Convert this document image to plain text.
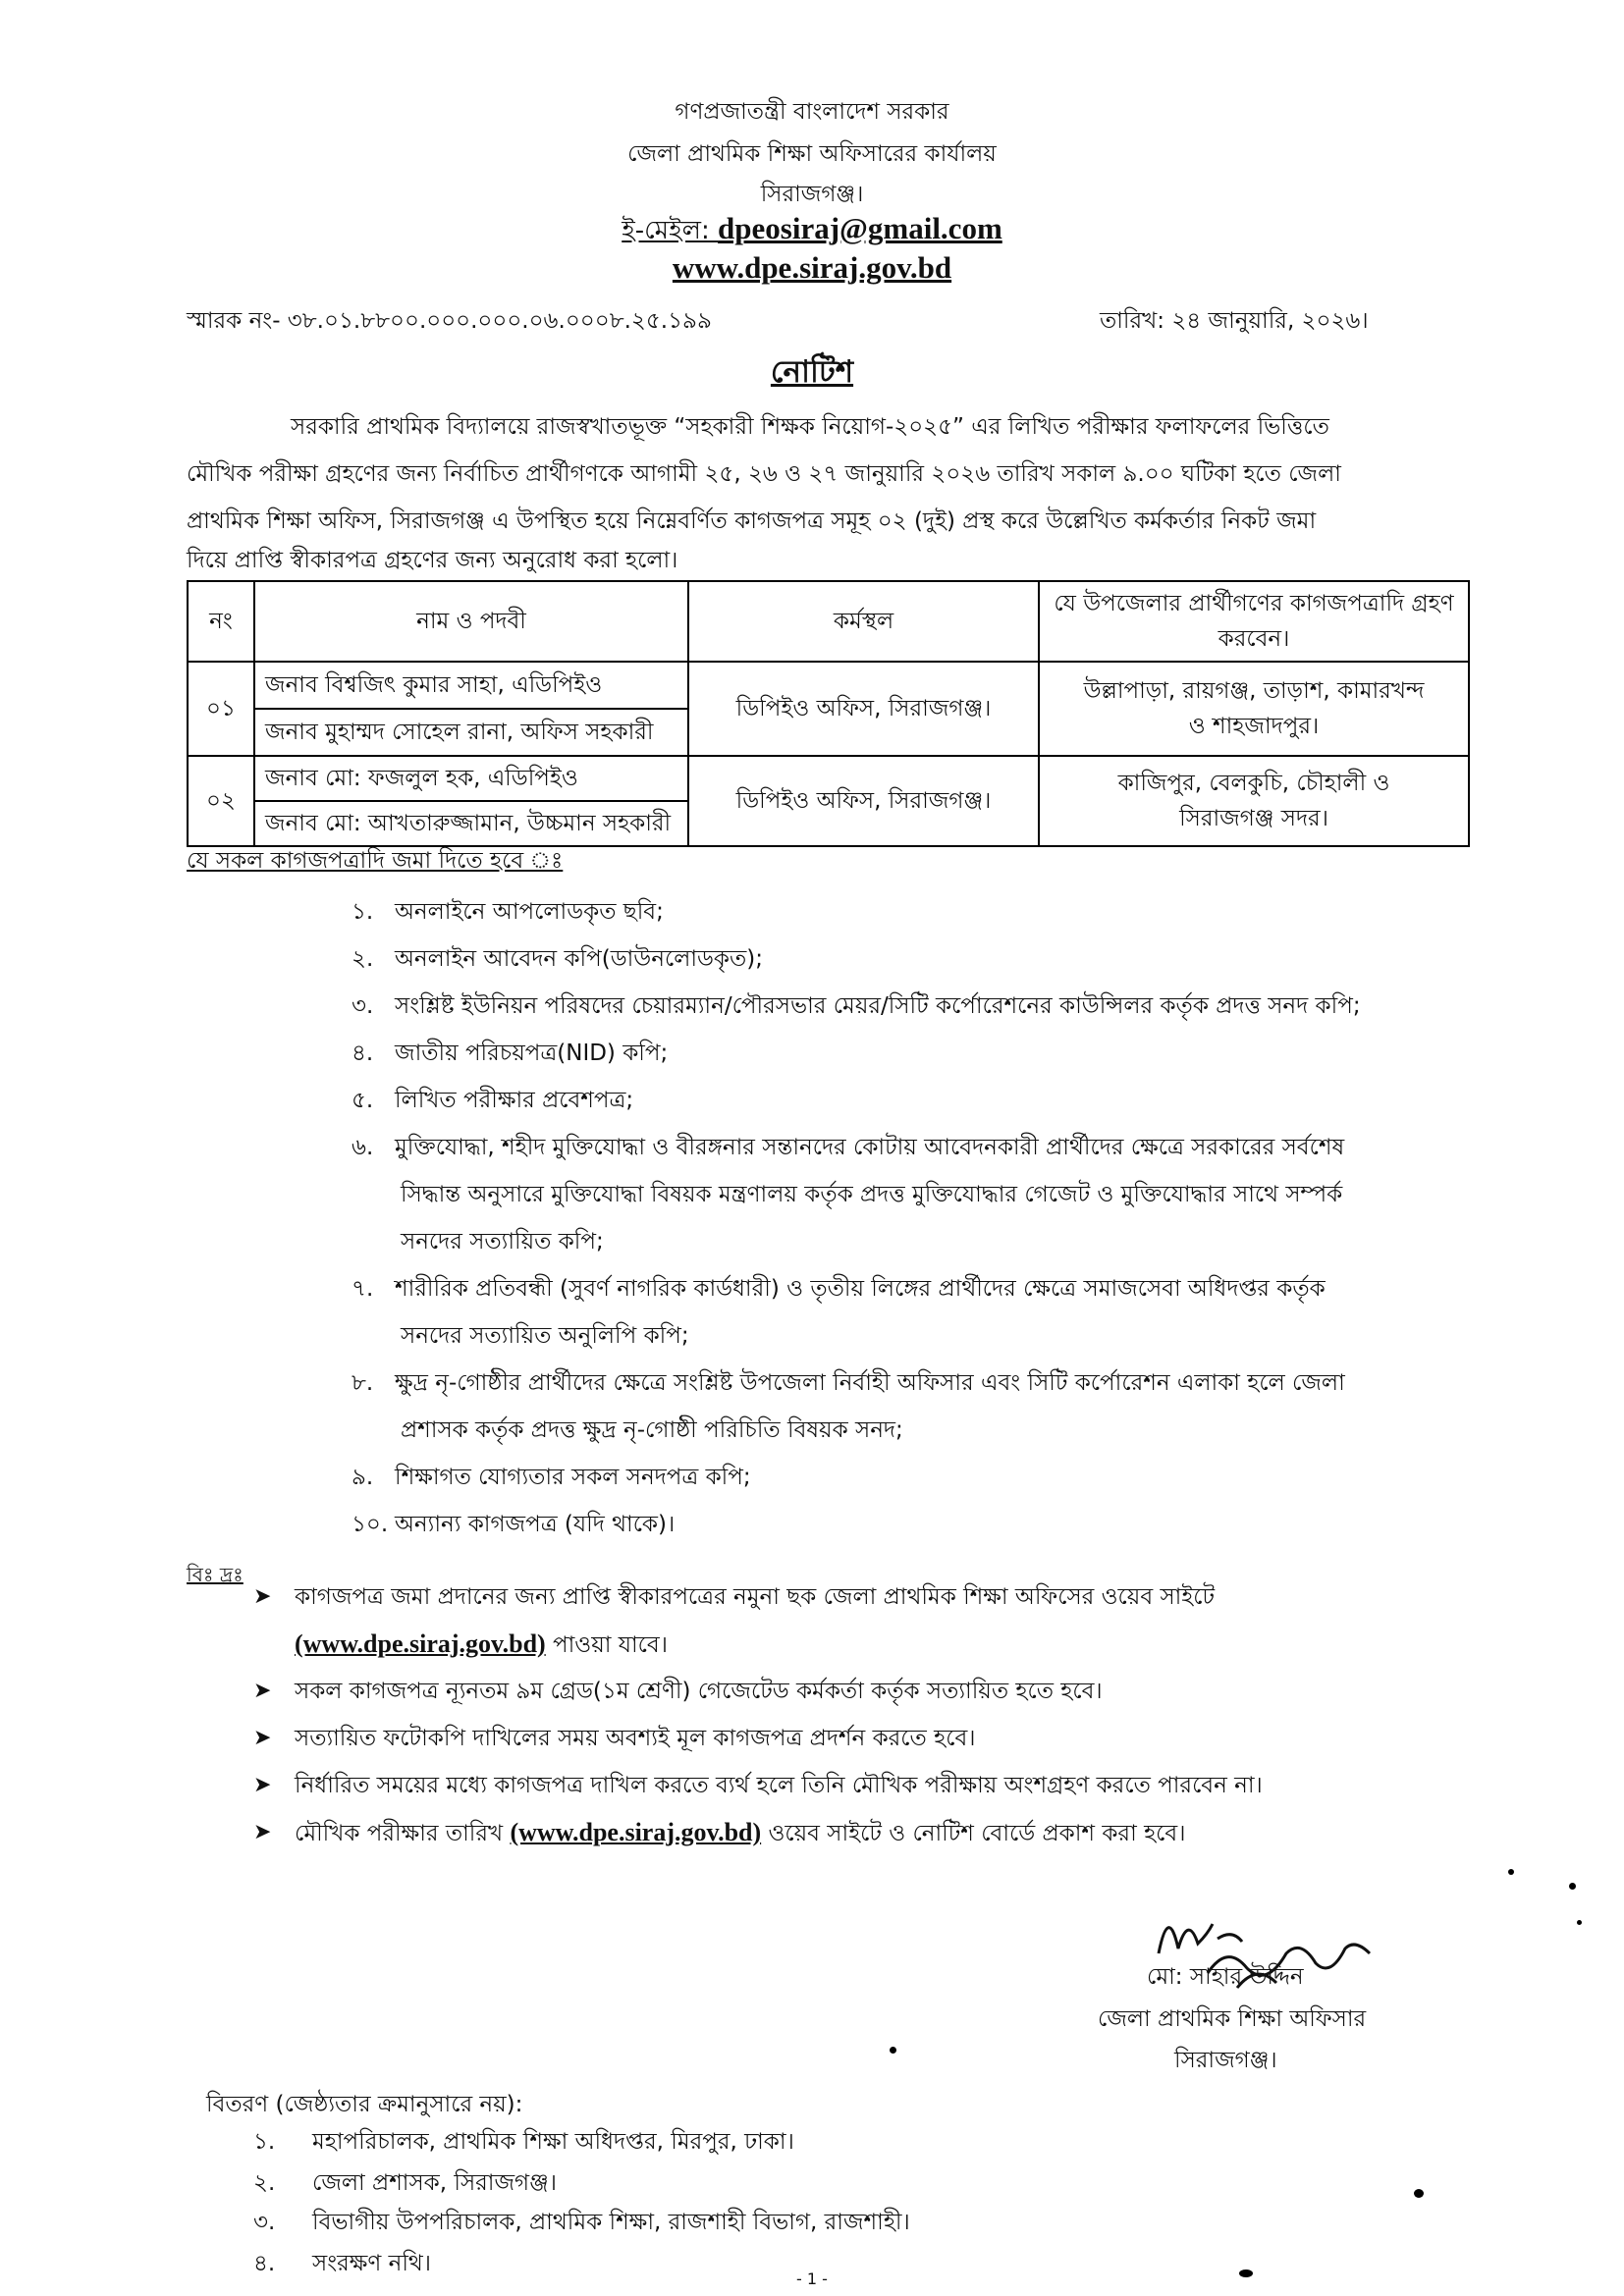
গণপ্রজাতন্ত্রী বাংলাদেশ সরকার
জেলা প্রাথমিক শিক্ষা অফিসারের কার্যালয়
সিরাজগঞ্জ।
ই-মেইল: dpeosiraj@gmail.com
www.dpe.siraj.gov.bd
স্মারক নং- ৩৮.০১.৮৮০০.০০০.০০০.০৬.০০০৮.২৫.১৯৯	তারিখ: ২৪ জানুয়ারি, ২০২৬।
নোটিশ
সরকারি প্রাথমিক বিদ্যালয়ে রাজস্বখাতভূক্ত “সহকারী শিক্ষক নিয়োগ-২০২৫” এর লিখিত পরীক্ষার ফলাফলের ভিত্তিতে
মৌখিক পরীক্ষা গ্রহণের জন্য নির্বাচিত প্রার্থীগণকে আগামী ২৫, ২৬ ও ২৭ জানুয়ারি ২০২৬ তারিখ সকাল ৯.০০ ঘটিকা হতে জেলা
প্রাথমিক শিক্ষা অফিস, সিরাজগঞ্জ এ উপস্থিত হয়ে নিম্নেবর্ণিত কাগজপত্র সমূহ ০২ (দুই) প্রস্থ করে উল্লেখিত কর্মকর্তার নিকট জমা
দিয়ে প্রাপ্তি স্বীকারপত্র গ্রহণের জন্য অনুরোধ করা হলো।
নং	নাম ও পদবী	কর্মস্থল	যে উপজেলার প্রার্থীগণের কাগজপত্রাদি গ্রহণ করবেন।
০১	জনাব বিশ্বজিৎ কুমার সাহা, এডিপিইও	ডিপিইও অফিস, সিরাজগঞ্জ।	উল্লাপাড়া, রায়গঞ্জ, তাড়াশ, কামারখন্দ ও শাহজাদপুর।
	জনাব মুহাম্মদ সোহেল রানা, অফিস সহকারী		
০২	জনাব মো: ফজলুল হক, এডিপিইও	ডিপিইও অফিস, সিরাজগঞ্জ।	কাজিপুর, বেলকুচি, চৌহালী ও সিরাজগঞ্জ সদর।
	জনাব মো: আখতারুজ্জামান, উচ্চমান সহকারী		
যে সকল কাগজপত্রাদি জমা দিতে হবে ঃ
১. অনলাইনে আপলোডকৃত ছবি;
২. অনলাইন আবেদন কপি(ডাউনলোডকৃত);
৩. সংশ্লিষ্ট ইউনিয়ন পরিষদের চেয়ারম্যান/পৌরসভার মেয়র/সিটি কর্পোরেশনের কাউন্সিলর কর্তৃক প্রদত্ত সনদ কপি;
৪. জাতীয় পরিচয়পত্র(NID) কপি;
৫. লিখিত পরীক্ষার প্রবেশপত্র;
৬. মুক্তিযোদ্ধা, শহীদ মুক্তিযোদ্ধা ও বীরঙ্গনার সন্তানদের কোটায় আবেদনকারী প্রার্থীদের ক্ষেত্রে সরকারের সর্বশেষ
সিদ্ধান্ত অনুসারে মুক্তিযোদ্ধা বিষয়ক মন্ত্রণালয় কর্তৃক প্রদত্ত মুক্তিযোদ্ধার গেজেট ও মুক্তিযোদ্ধার সাথে সম্পর্ক
সনদের সত্যায়িত কপি;
৭. শারীরিক প্রতিবন্ধী (সুবর্ণ নাগরিক কার্ডধারী) ও তৃতীয় লিঙ্গের প্রার্থীদের ক্ষেত্রে সমাজসেবা অধিদপ্তর কর্তৃক
সনদের সত্যায়িত অনুলিপি কপি;
৮. ক্ষুদ্র নৃ-গোষ্ঠীর প্রার্থীদের ক্ষেত্রে সংশ্লিষ্ট উপজেলা নির্বাহী অফিসার এবং সিটি কর্পোরেশন এলাকা হলে জেলা
প্রশাসক কর্তৃক প্রদত্ত ক্ষুদ্র নৃ-গোষ্ঠী পরিচিতি বিষয়ক সনদ;
৯. শিক্ষাগত যোগ্যতার সকল সনদপত্র কপি;
১০. অন্যান্য কাগজপত্র (যদি থাকে)।
বিঃ দ্রঃ
➤ কাগজপত্র জমা প্রদানের জন্য প্রাপ্তি স্বীকারপত্রের নমুনা ছক জেলা প্রাথমিক শিক্ষা অফিসের ওয়েব সাইটে
(www.dpe.siraj.gov.bd) পাওয়া যাবে।
➤ সকল কাগজপত্র ন্যূনতম ৯ম গ্রেড(১ম শ্রেণী) গেজেটেড কর্মকর্তা কর্তৃক সত্যায়িত হতে হবে।
➤ সত্যায়িত ফটোকপি দাখিলের সময় অবশ্যই মূল কাগজপত্র প্রদর্শন করতে হবে।
➤ নির্ধারিত সময়ের মধ্যে কাগজপত্র দাখিল করতে ব্যর্থ হলে তিনি মৌখিক পরীক্ষায় অংশগ্রহণ করতে পারবেন না।
➤ মৌখিক পরীক্ষার তারিখ (www.dpe.siraj.gov.bd) ওয়েব সাইটে ও নোটিশ বোর্ডে প্রকাশ করা হবে।
মো: সাহার উদ্দিন
জেলা প্রাথমিক শিক্ষা অফিসার
সিরাজগঞ্জ।
বিতরণ (জেষ্ঠ্যতার ক্রমানুসারে নয়):
১. মহাপরিচালক, প্রাথমিক শিক্ষা অধিদপ্তর, মিরপুর, ঢাকা।
২. জেলা প্রশাসক, সিরাজগঞ্জ।
৩. বিভাগীয় উপপরিচালক, প্রাথমিক শিক্ষা, রাজশাহী বিভাগ, রাজশাহী।
৪. সংরক্ষণ নথি।
- 1 -
